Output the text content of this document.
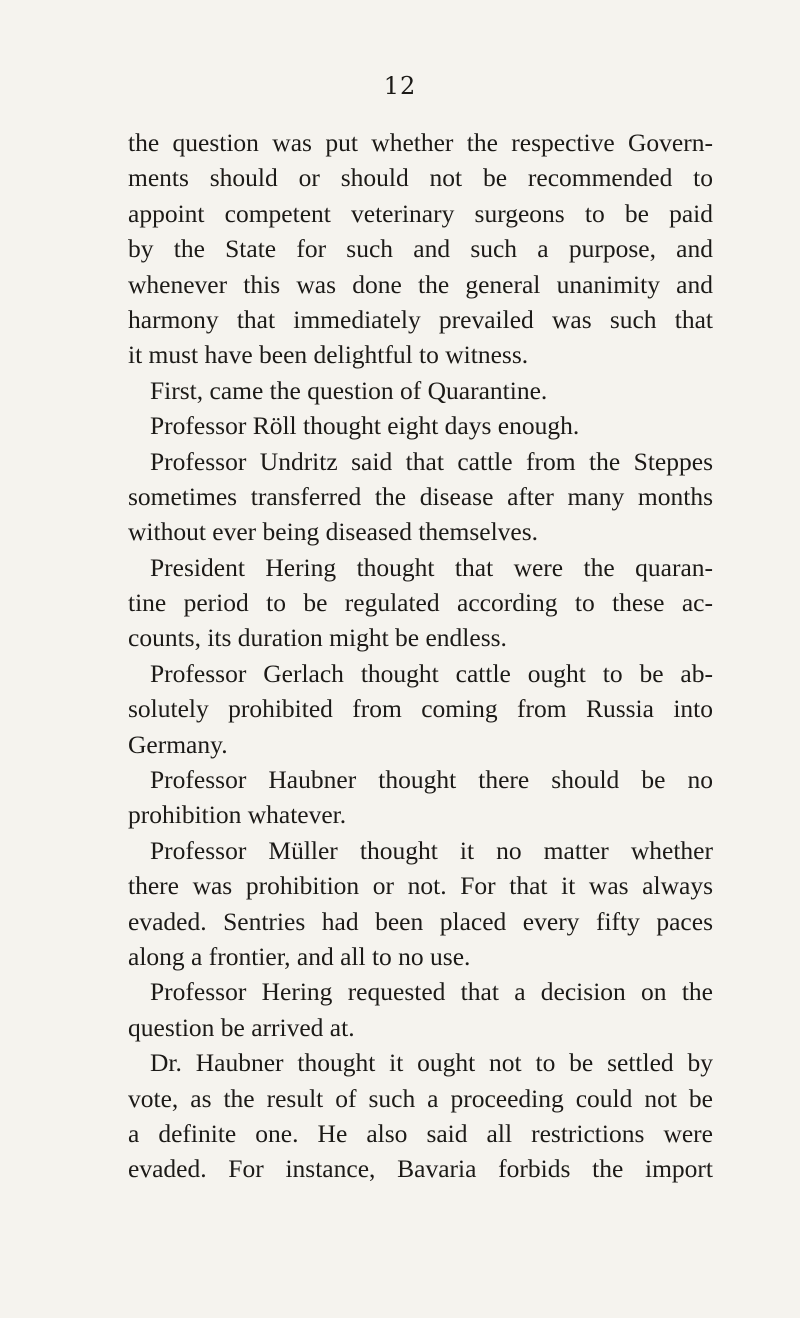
12
the question was put whether the respective Govern-
ments should or should not be recommended to
appoint competent veterinary surgeons to be paid
by the State for such and such a purpose, and
whenever this was done the general unanimity and
harmony that immediately prevailed was such that
it must have been delightful to witness.
First, came the question of Quarantine.
Professor Röll thought eight days enough.
Professor Undritz said that cattle from the Steppes
sometimes transferred the disease after many months
without ever being diseased themselves.
President Hering thought that were the quaran-
tine period to be regulated according to these ac-
counts, its duration might be endless.
Professor Gerlach thought cattle ought to be ab-
solutely prohibited from coming from Russia into
Germany.
Professor Haubner thought there should be no
prohibition whatever.
Professor Müller thought it no matter whether
there was prohibition or not. For that it was always
evaded. Sentries had been placed every fifty paces
along a frontier, and all to no use.
Professor Hering requested that a decision on the
question be arrived at.
Dr. Haubner thought it ought not to be settled by
vote, as the result of such a proceeding could not be
a definite one. He also said all restrictions were
evaded. For instance, Bavaria forbids the import
